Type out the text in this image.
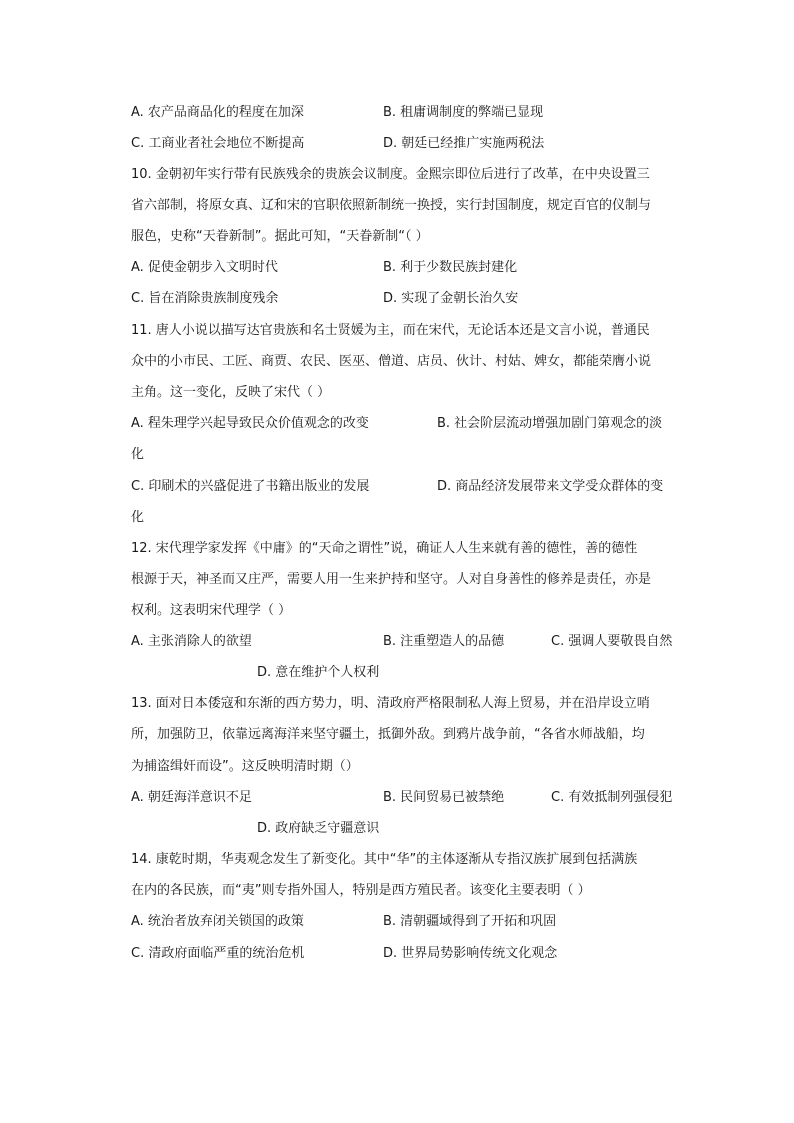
A. 农产品商品化的程度在加深	B. 租庸调制度的弊端已显现
C. 工商业者社会地位不断提高	D. 朝廷已经推广实施两税法
10. 金朝初年实行带有民族残余的贵族会议制度。金熙宗即位后进行了改革，在中央设置三
省六部制，将原女真、辽和宋的官职依照新制统一换授，实行封国制度，规定百官的仪制与
服色，史称“天眷新制”。据此可知，“天眷新制“（ ）
A. 促使金朝步入文明时代	B. 利于少数民族封建化
C. 旨在消除贵族制度残余	D. 实现了金朝长治久安
11. 唐人小说以描写达官贵族和名士贤媛为主，而在宋代，无论话本还是文言小说，普通民
众中的小市民、工匠、商贾、农民、医巫、僧道、店员、伙计、村姑、婢女，都能荣膺小说
主角。这一变化，反映了宋代（ ）
A. 程朱理学兴起导致民众价值观念的改变	B. 社会阶层流动增强加剧门第观念的淡
化
C. 印刷术的兴盛促进了书籍出版业的发展	D. 商品经济发展带来文学受众群体的变
化
12. 宋代理学家发挥《中庸》的“天命之谓性”说，确证人人生来就有善的德性，善的德性
根源于天，神圣而又庄严，需要人用一生来护持和坚守。人对自身善性的修养是责任，亦是
权利。这表明宋代理学（ ）
A. 主张消除人的欲望	B. 注重塑造人的品德	C. 强调人要敬畏自然
D. 意在维护个人权利
13. 面对日本倭寇和东渐的西方势力，明、清政府严格限制私人海上贸易，并在沿岸设立哨
所，加强防卫，依靠远离海洋来坚守疆土，抵御外敌。到鸦片战争前，“各省水师战船，均
为捕盗缉奸而设”。这反映明清时期（）
A. 朝廷海洋意识不足	B. 民间贸易已被禁绝	C. 有效抵制列强侵犯
D. 政府缺乏守疆意识
14. 康乾时期，华夷观念发生了新变化。其中“华”的主体逐渐从专指汉族扩展到包括满族
在内的各民族，而“夷”则专指外国人，特别是西方殖民者。该变化主要表明（ ）
A. 统治者放弃闭关锁国的政策	B. 清朝疆域得到了开拓和巩固
C. 清政府面临严重的统治危机	D. 世界局势影响传统文化观念
